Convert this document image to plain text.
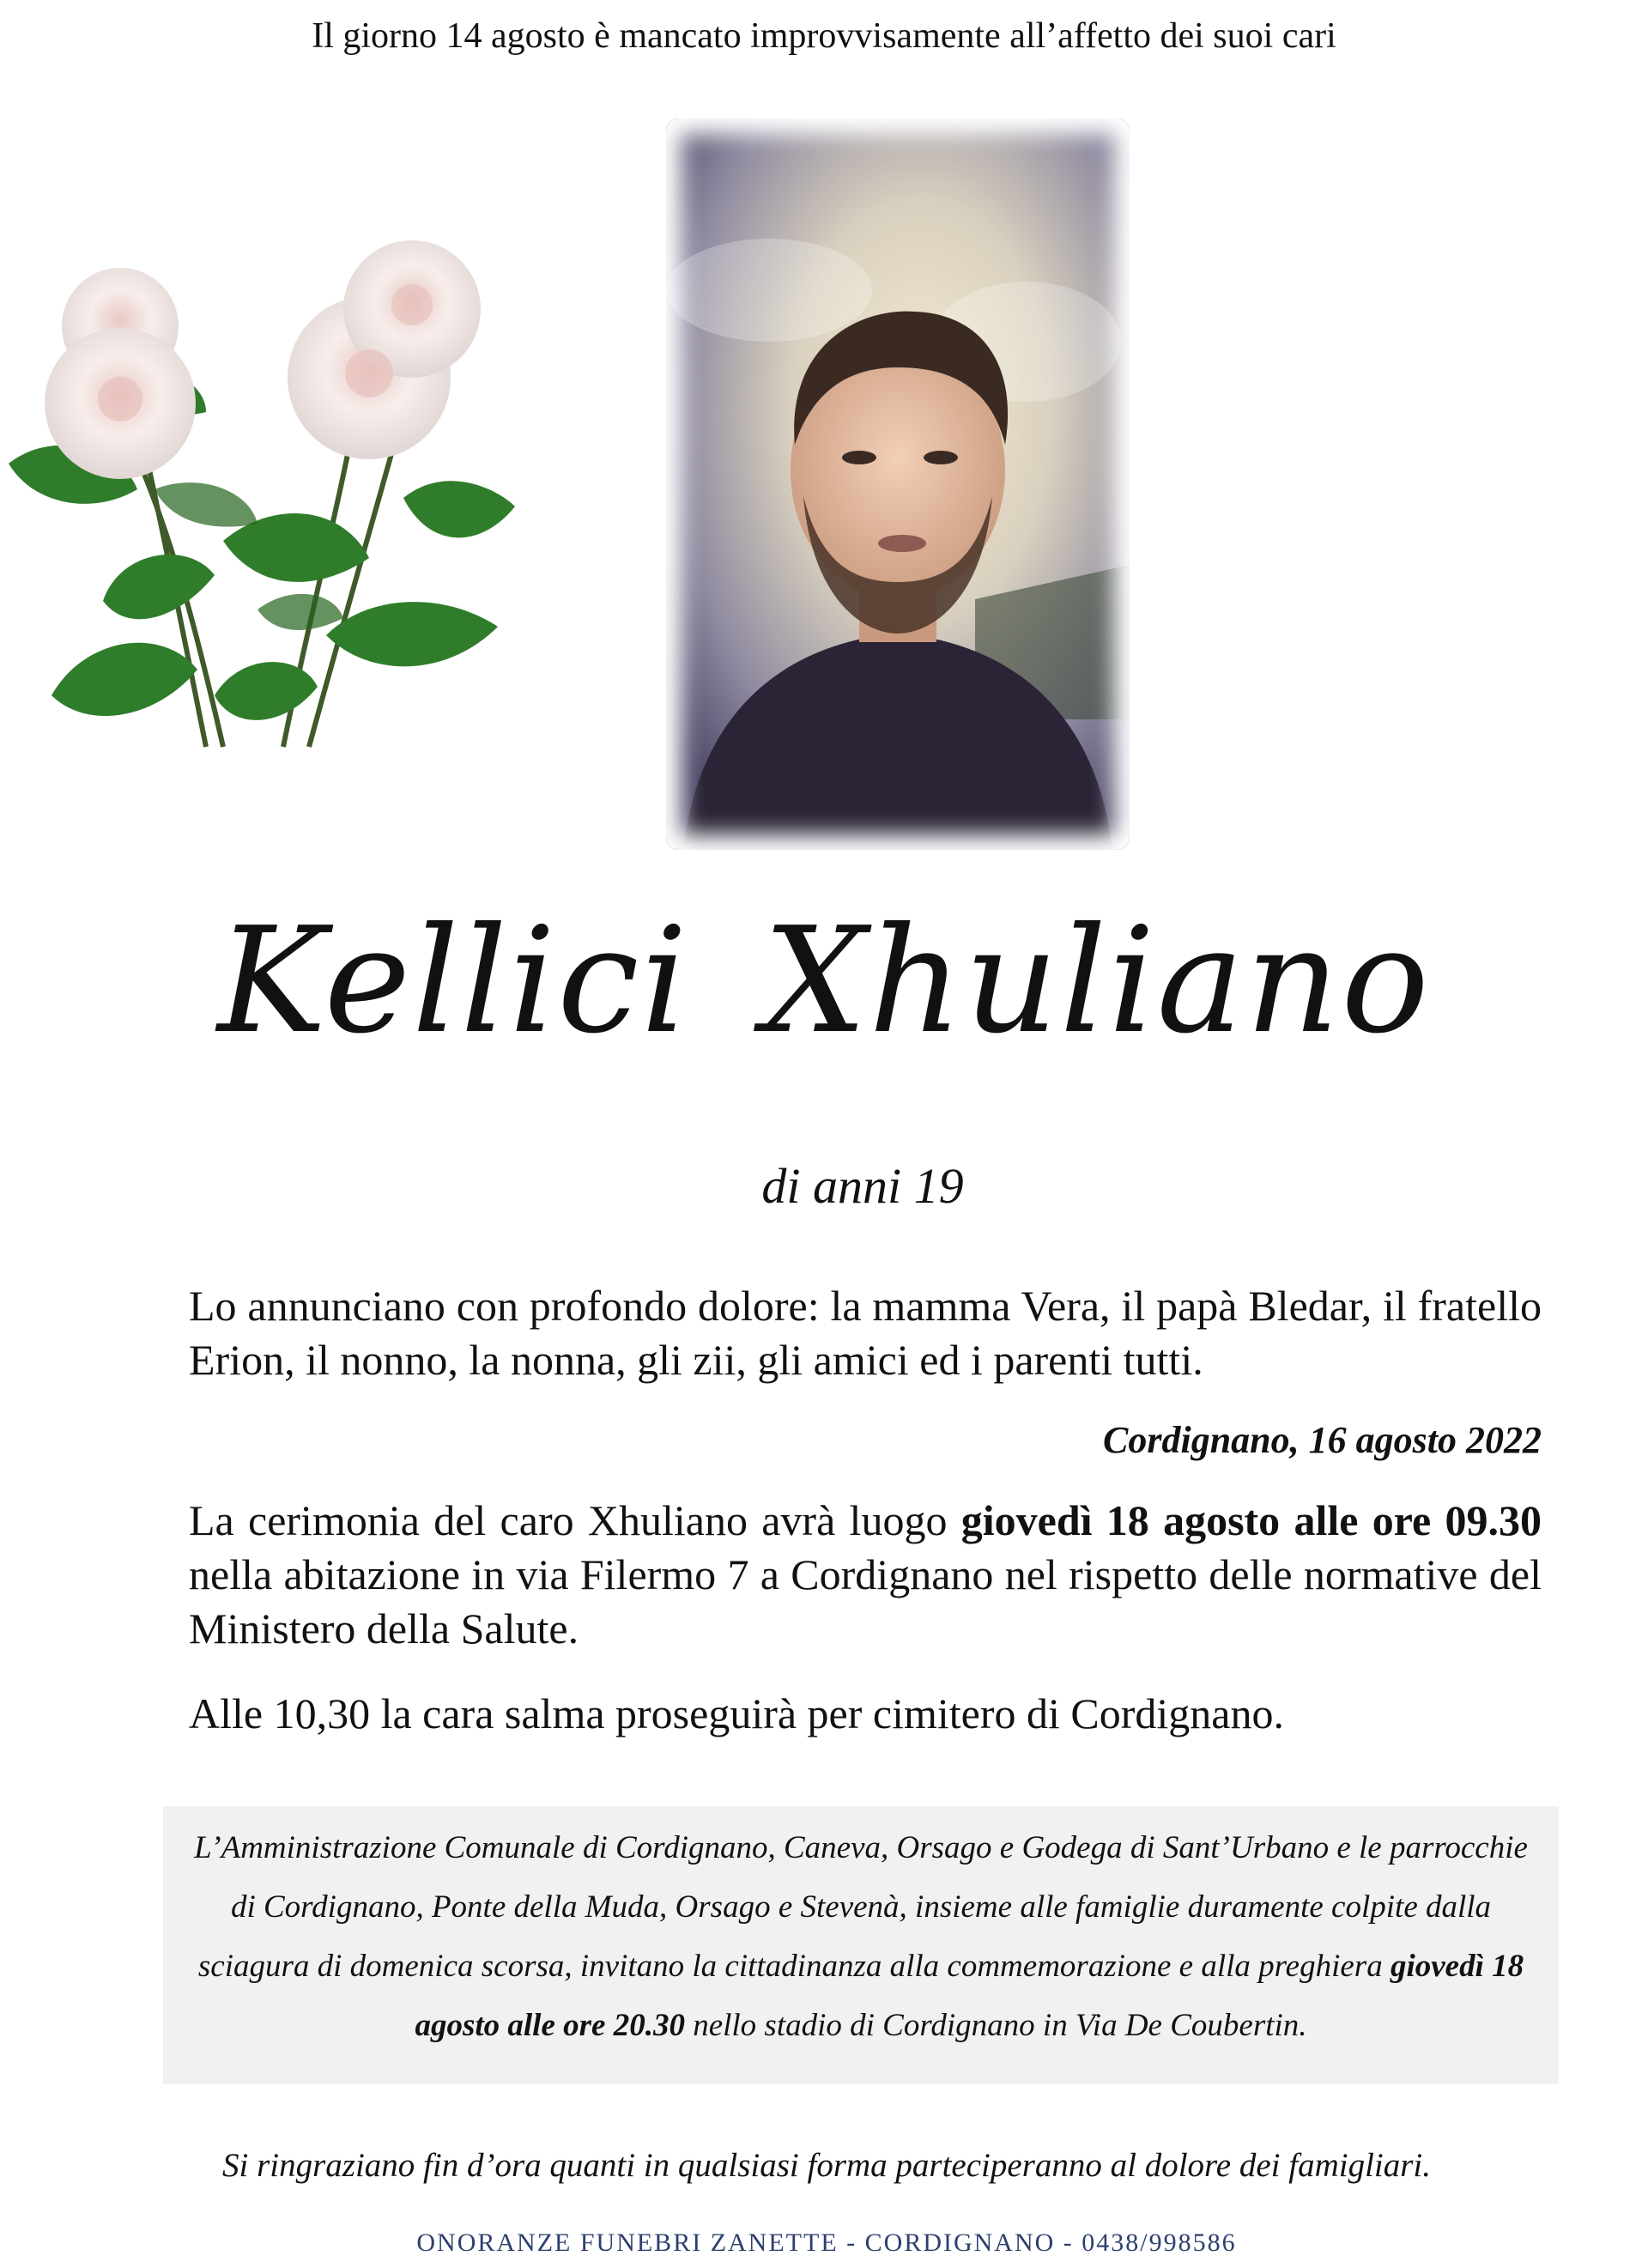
Il giorno 14 agosto è mancato improvvisamente all’affetto dei suoi cari
Kellici Xhuliano
di anni 19
Lo annunciano con profondo dolore: la mamma Vera, il papà Bledar, il fratello Erion, il nonno, la nonna, gli zii, gli amici ed i parenti tutti.
Cordignano, 16 agosto 2022
La cerimonia del caro Xhuliano avrà luogo giovedì 18 agosto alle ore 09.30 nella abitazione in via Filermo 7 a Cordignano nel rispetto delle normative del Ministero della Salute.
Alle 10,30 la cara salma proseguirà per cimitero di Cordignano.
L’Amministrazione Comunale di Cordignano, Caneva, Orsago e Godega di Sant’Urbano e le parrocchie di Cordignano, Ponte della Muda, Orsago e Stevenà, insieme alle famiglie duramente colpite dalla sciagura di domenica scorsa, invitano la cittadinanza alla commemorazione e alla preghiera giovedì 18 agosto alle ore 20.30 nello stadio di Cordignano in Via De Coubertin.
Si ringraziano fin d’ora quanti in qualsiasi forma parteciperanno al dolore dei famigliari.
ONORANZE FUNEBRI ZANETTE - CORDIGNANO - 0438/998586
